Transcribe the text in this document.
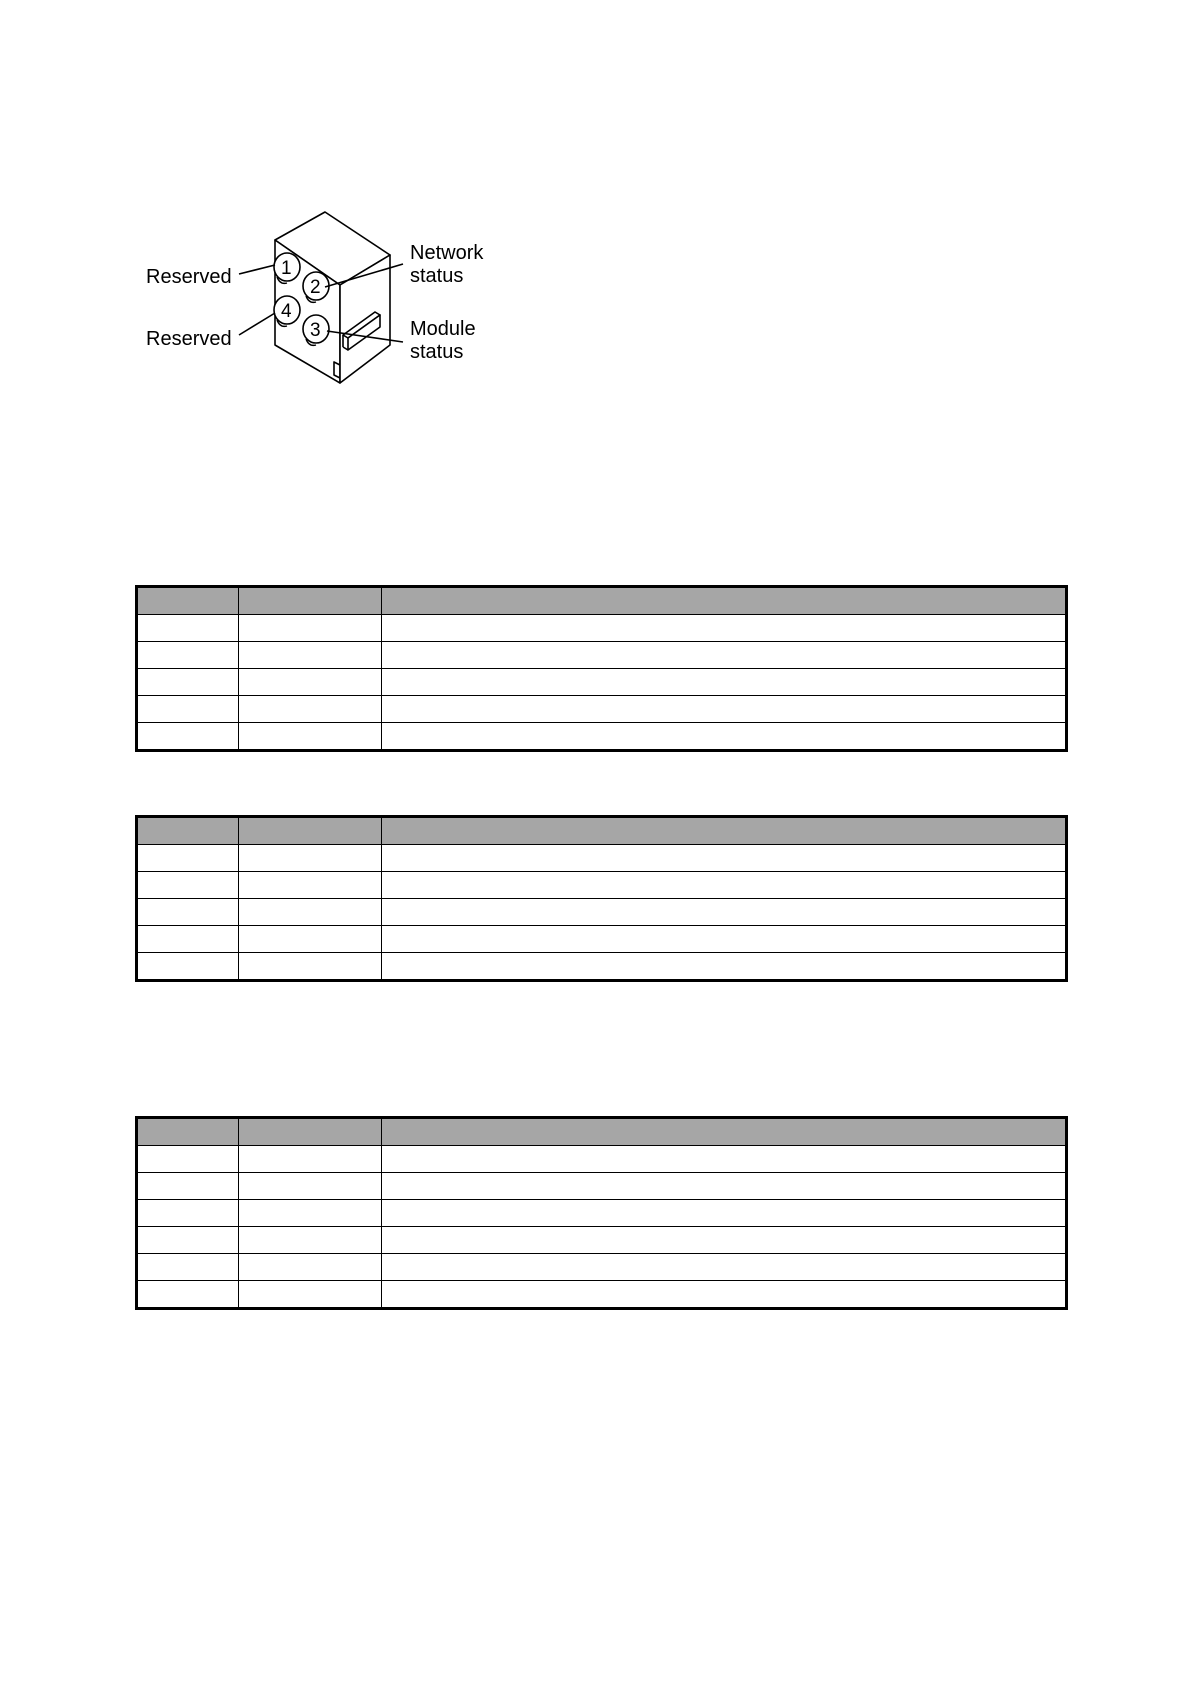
1
2
4
3
Reserved
Reserved
Network
status
Module
status
